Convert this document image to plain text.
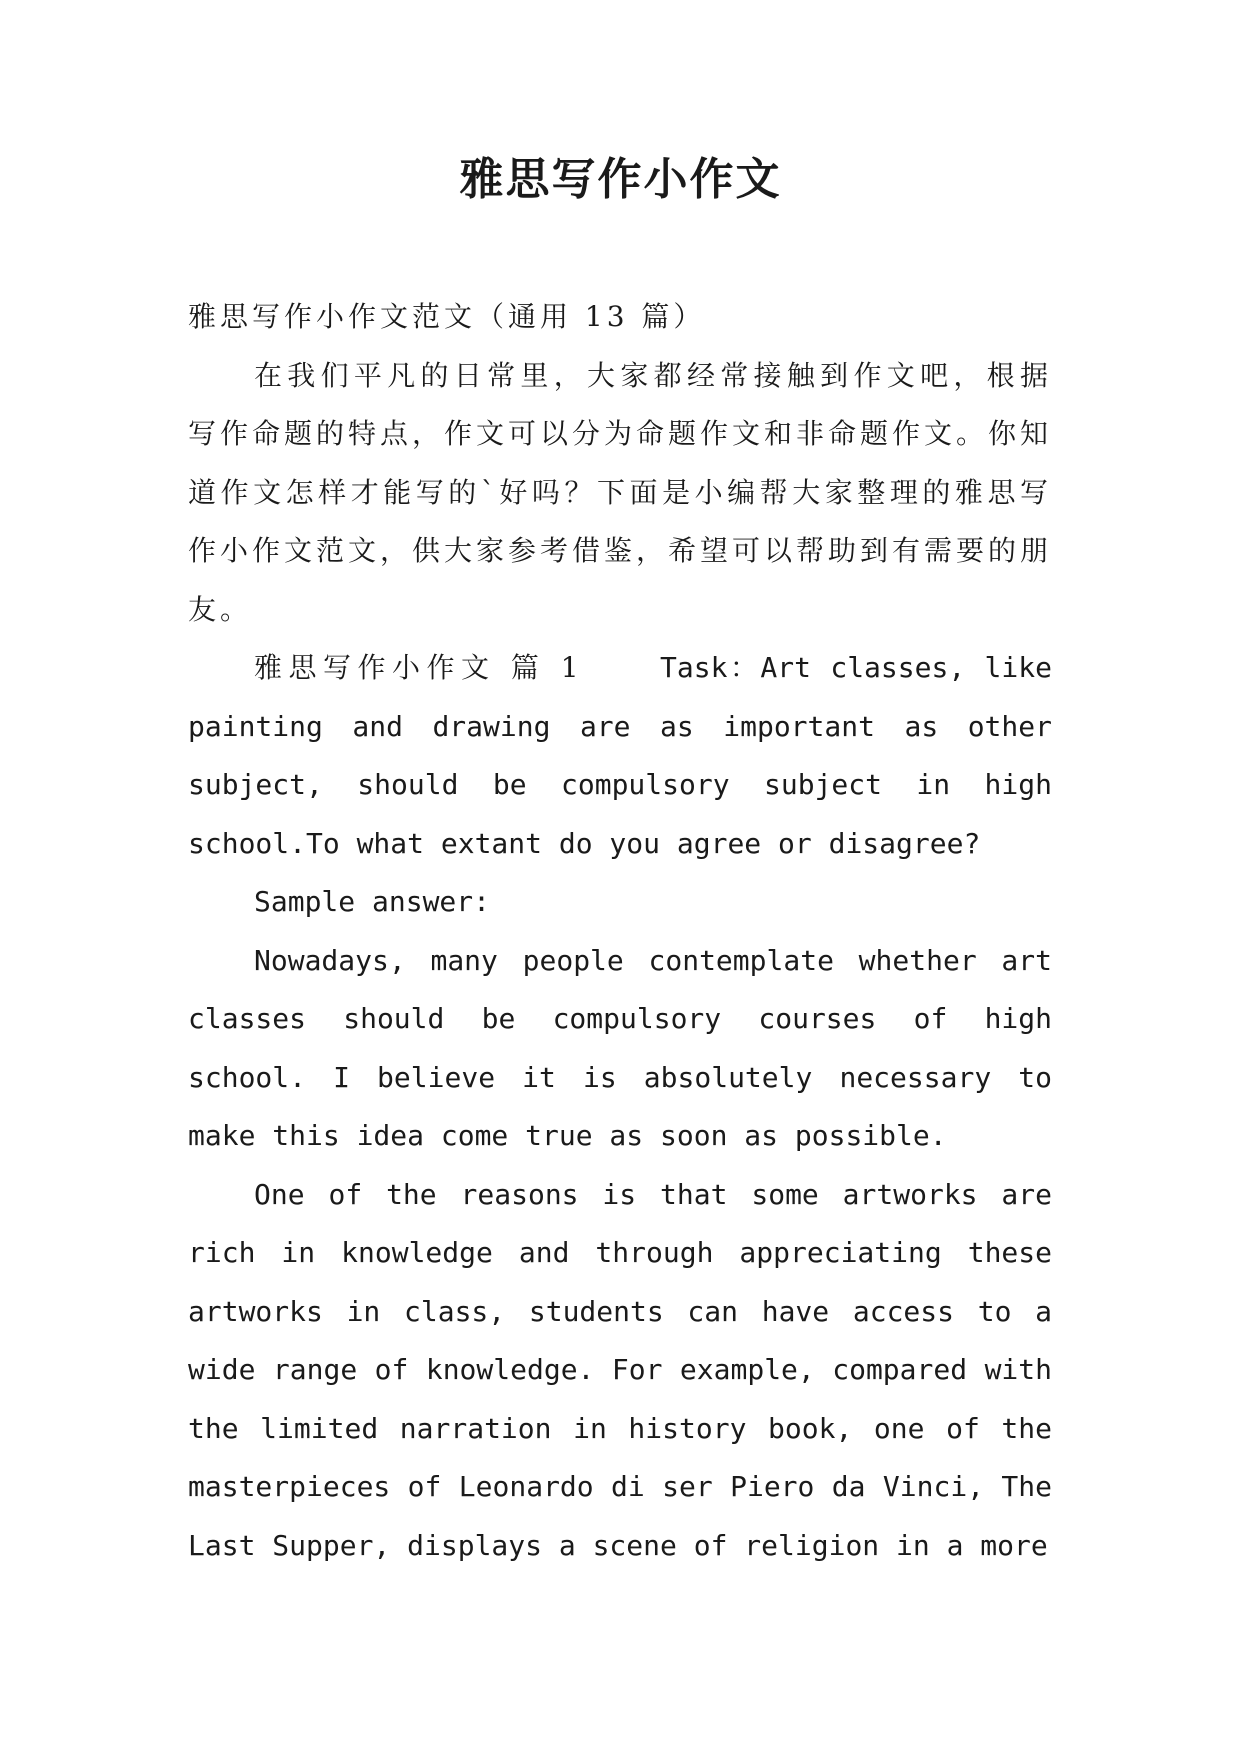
雅思写作小作文

雅思写作小作文范文（通用 13 篇）

在我们平凡的日常里，大家都经常接触到作文吧，根据写作命题的特点，作文可以分为命题作文和非命题作文。你知道作文怎样才能写的`好吗？下面是小编帮大家整理的雅思写作小作文范文，供大家参考借鉴，希望可以帮助到有需要的朋友。

雅思写作小作文 篇 1	Task：Art classes, like painting and drawing are as important as other subject, should be compulsory subject in high school.To what extant do you agree or disagree?

Sample answer:

Nowadays, many people contemplate whether art classes should be compulsory courses of high school. I believe it is absolutely necessary to make this idea come true as soon as possible.

One of the reasons is that some artworks are rich in knowledge and through appreciating these artworks in class, students can have access to a wide range of knowledge. For example, compared with the limited narration in history book, one of the masterpieces of Leonardo di ser Piero da Vinci, The Last Supper, displays a scene of religion in a more
